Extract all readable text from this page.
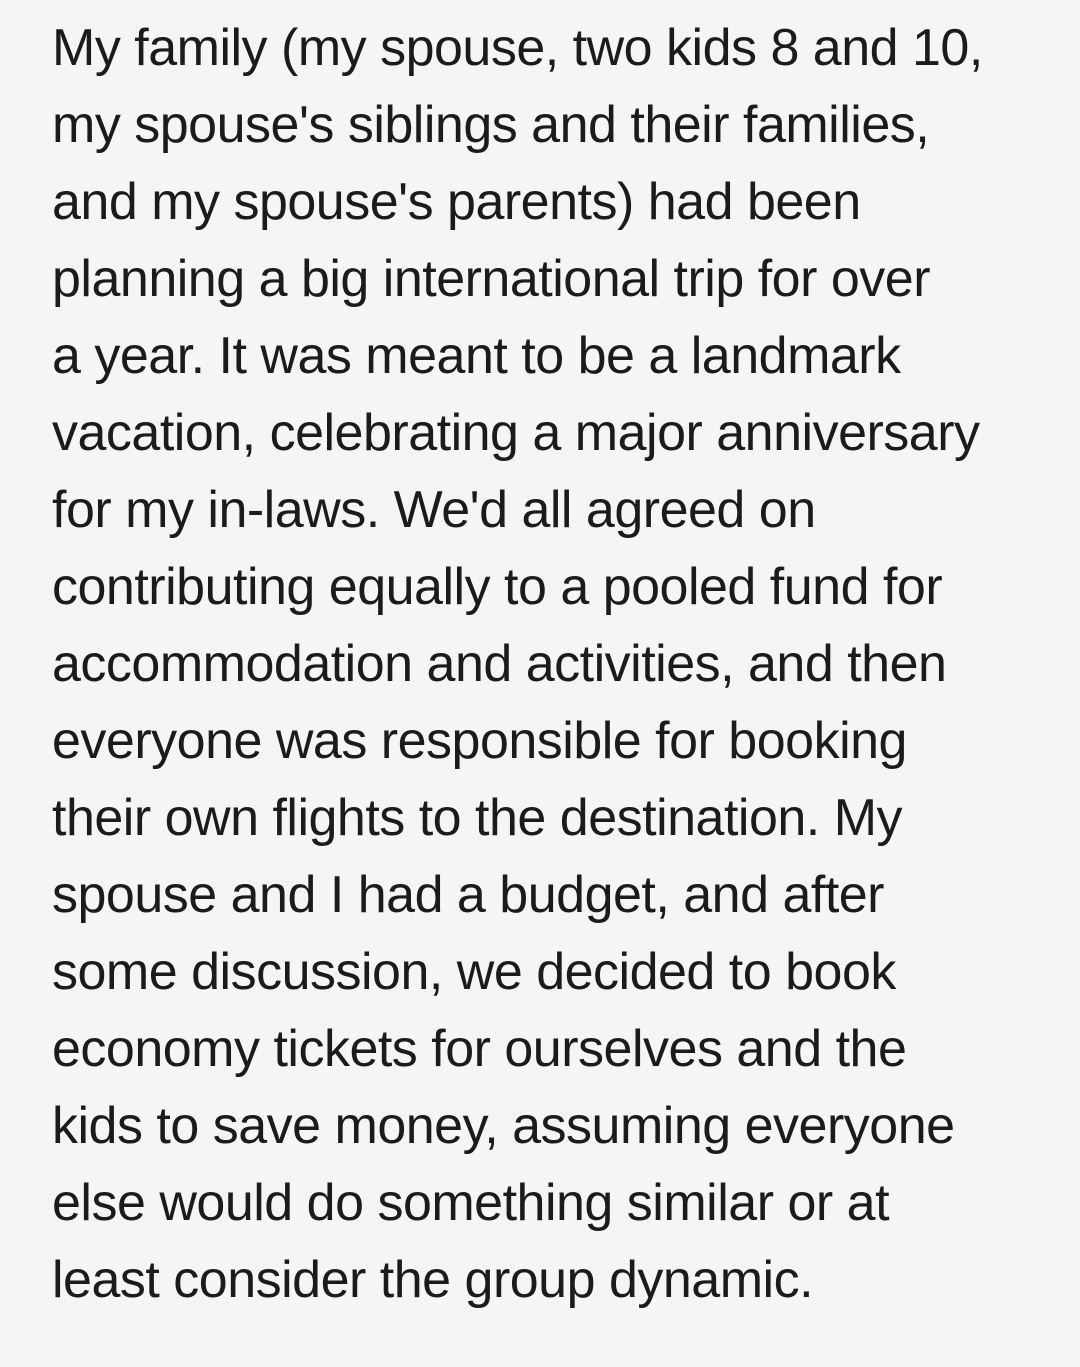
My family (my spouse, two kids 8 and 10,
my spouse's siblings and their families,
and my spouse's parents) had been
planning a big international trip for over
a year. It was meant to be a landmark
vacation, celebrating a major anniversary
for my in-laws. We'd all agreed on
contributing equally to a pooled fund for
accommodation and activities, and then
everyone was responsible for booking
their own flights to the destination. My
spouse and I had a budget, and after
some discussion, we decided to book
economy tickets for ourselves and the
kids to save money, assuming everyone
else would do something similar or at
least consider the group dynamic.
